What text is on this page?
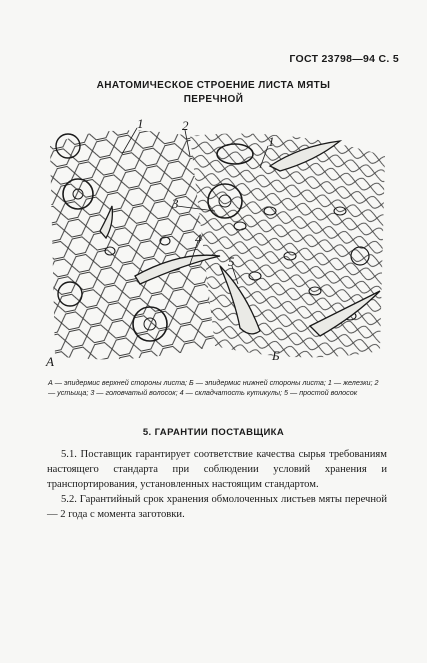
ГОСТ 23798—94 С. 5
АНАТОМИЧЕСКОЕ СТРОЕНИЕ ЛИСТА МЯТЫ
ПЕРЕЧНОЙ
1	2
1
3
4
5
А	Б
А — эпидермис верхней стороны листа; Б — эпидермис нижней стороны листа; 1 — железки; 2 — устьица; 3 — головчатый волосок; 4 — складчатость кутикулы; 5 — простой волосок
5. ГАРАНТИИ ПОСТАВЩИКА
5.1. Поставщик гарантирует соответствие качества сырья требованиям настоящего стандарта при соблюдении условий хранения и транспортирования, установленных настоящим стандартом.
5.2. Гарантийный срок хранения обмолоченных листьев мяты перечной — 2 года с момента заготовки.
